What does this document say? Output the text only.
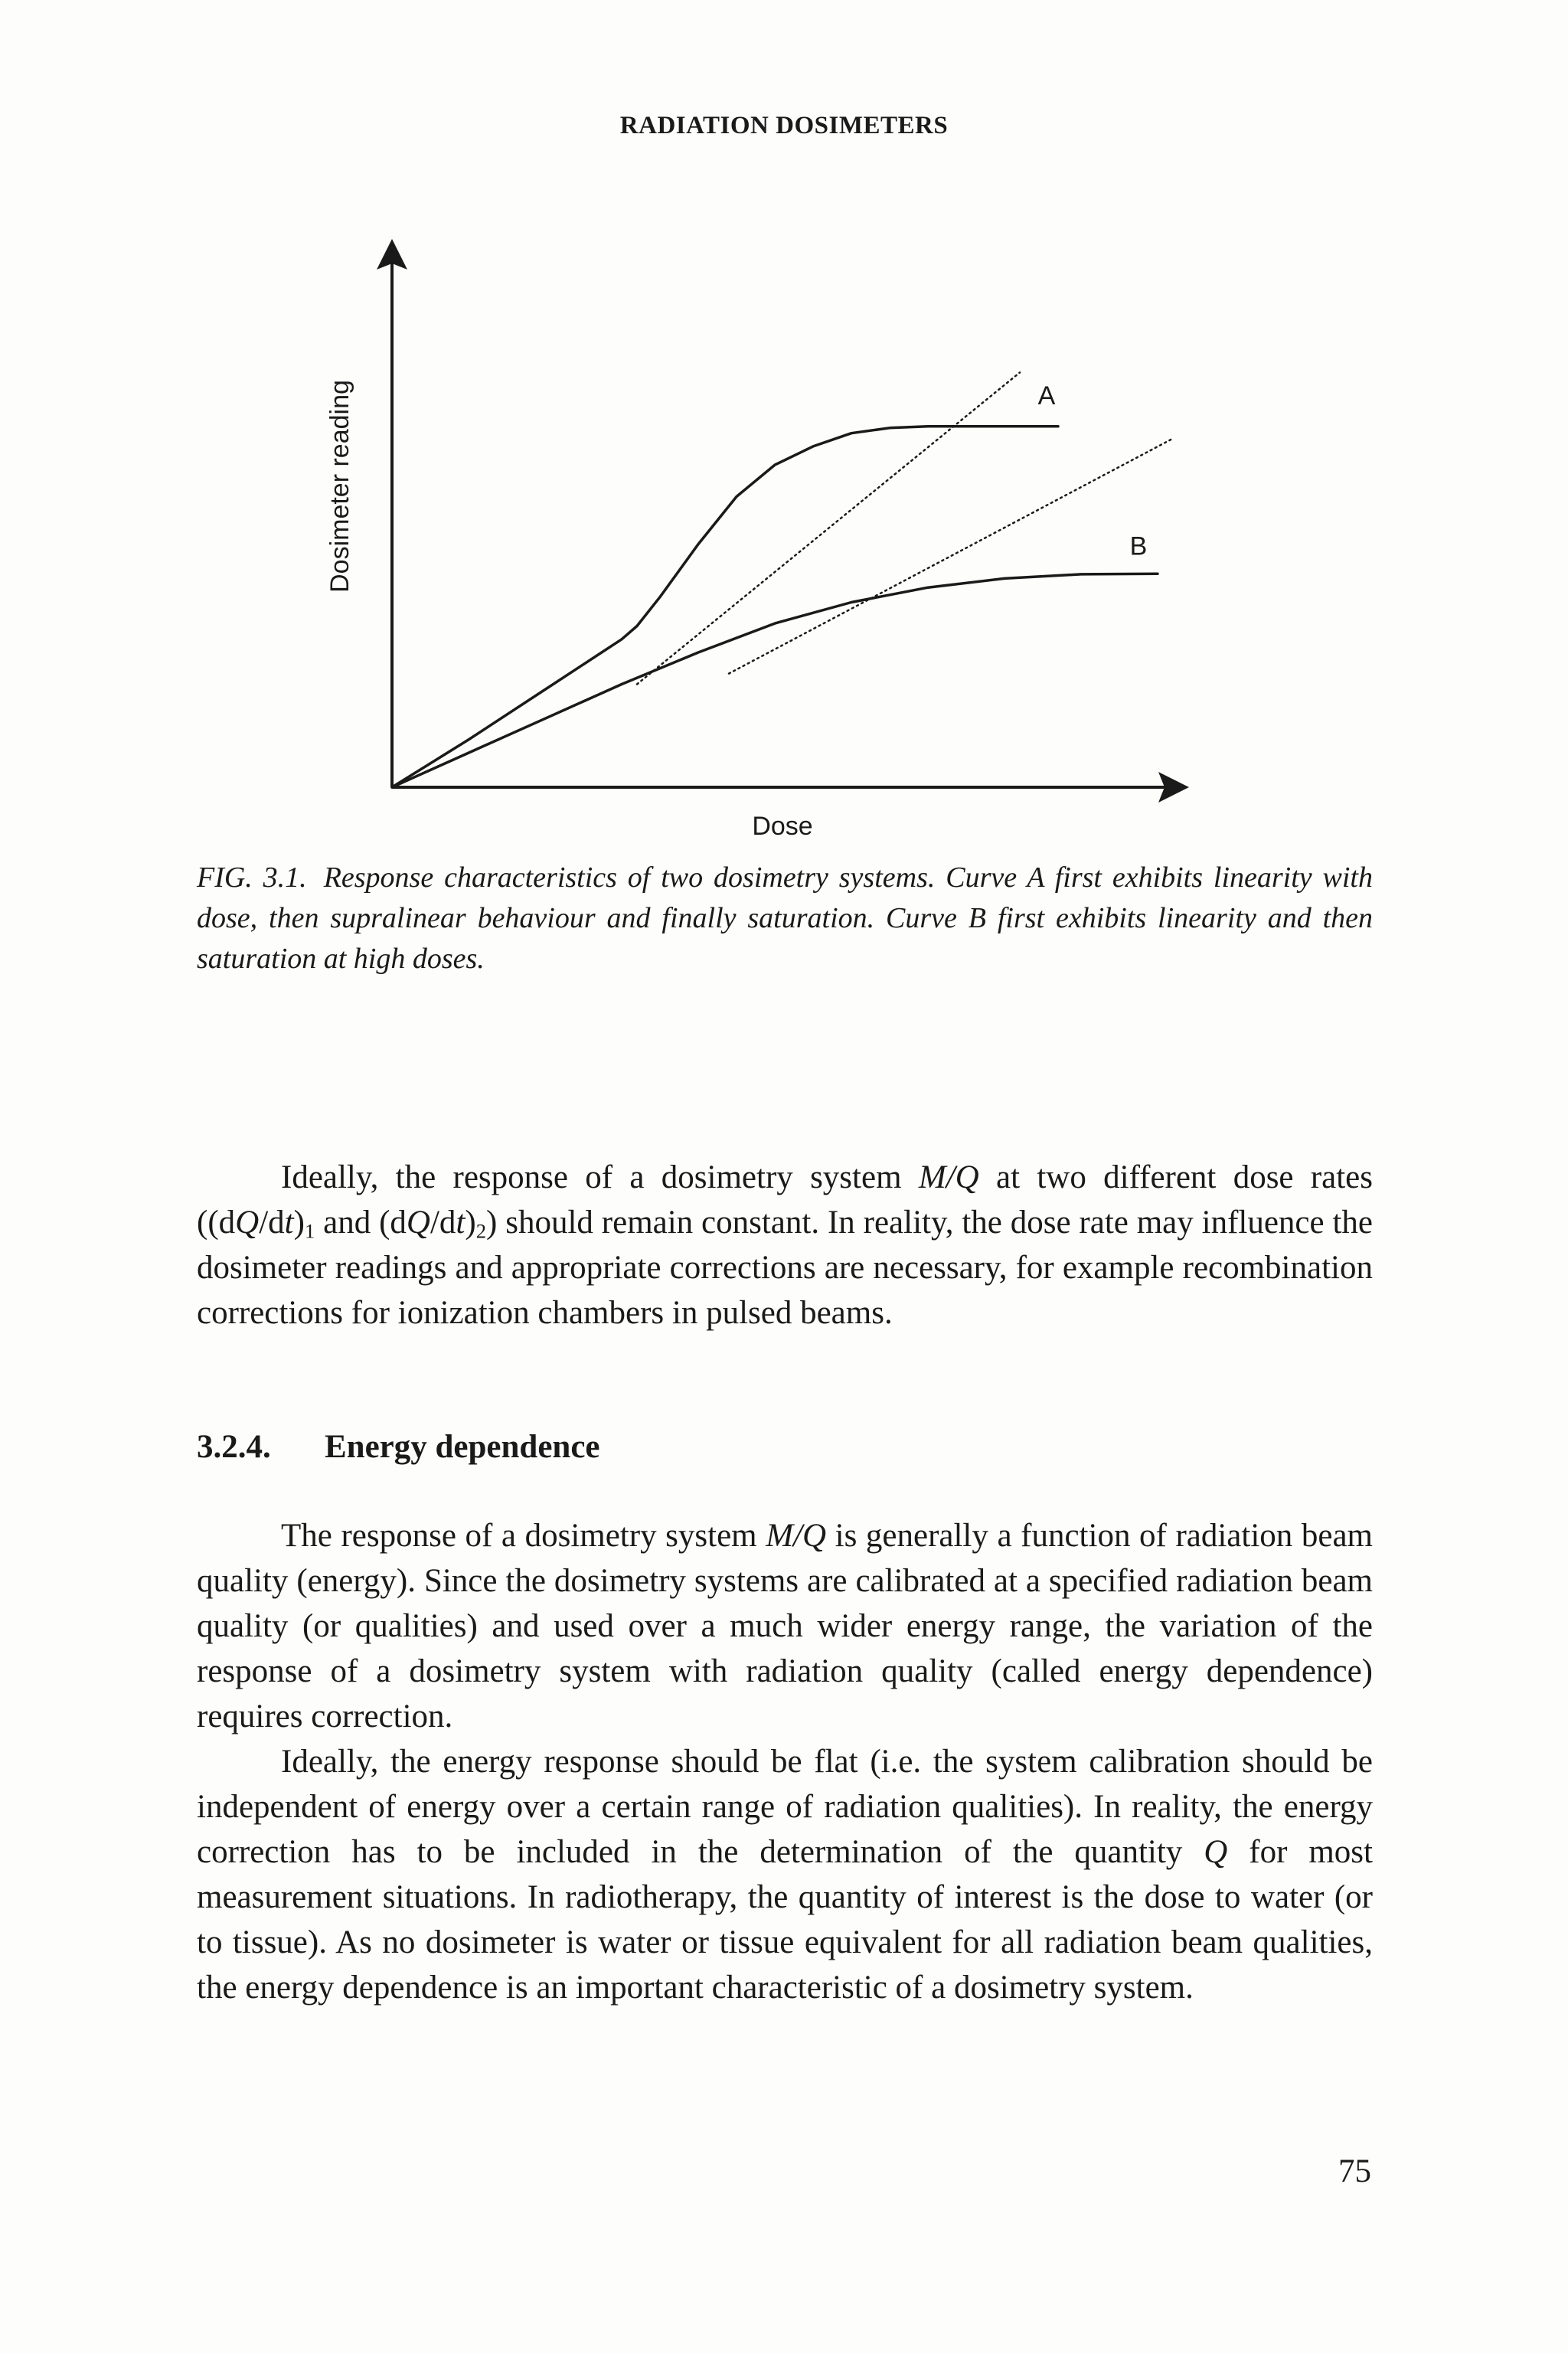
RADIATION DOSIMETERS
A
B
Dose
Dosimeter reading

FIG. 3.1. Response characteristics of two dosimetry systems. Curve A first exhibits linearity with dose, then supralinear behaviour and finally saturation. Curve B first exhibits linearity and then saturation at high doses.

Ideally, the response of a dosimetry system M/Q at two different dose rates ($(dQ/dt)_1$ and $(dQ/dt)_2$) should remain constant. In reality, the dose rate may influence the dosimeter readings and appropriate corrections are necessary, for example recombination corrections for ionization chambers in pulsed beams.

3.2.4. Energy dependence

The response of a dosimetry system M/Q is generally a function of radiation beam quality (energy). Since the dosimetry systems are calibrated at a specified radiation beam quality (or qualities) and used over a much wider energy range, the variation of the response of a dosimetry system with radiation quality (called energy dependence) requires correction.

Ideally, the energy response should be flat (i.e. the system calibration should be independent of energy over a certain range of radiation qualities). In reality, the energy correction has to be included in the determination of the quantity Q for most measurement situations. In radiotherapy, the quantity of interest is the dose to water (or to tissue). As no dosimeter is water or tissue equivalent for all radiation beam qualities, the energy dependence is an important characteristic of a dosimetry system.

75
